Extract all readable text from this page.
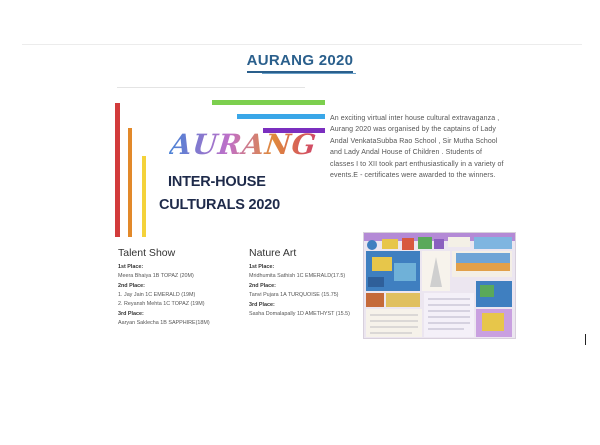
AURANG 2020
AURANG
INTER-HOUSE
CULTURALS 2020
An exciting virtual inter house cultural extravaganza , Aurang 2020 was organised by the captains of Lady Andal VenkataSubba Rao School , Sir Mutha School and Lady Andal House of Children . Students of classes I to XII took part enthusiastically in a variety of events.E - certificates were awarded to the winners.
Talent Show
1st Place:
Meera Bhaiya 1B TOPAZ (20M)
2nd Place:
1. Jay Jain 1C EMERALD (19M)
2. Reyansh Mehta 1C TOPAZ (19M)
3rd Place:
Aaryan Saklecha 1B SAPPHIRE(18M)
Nature Art
1st Place:
Mridhumita Sathish 1C EMERALD(17.5)
2nd Place:
Tanvi Pujara 1A TURQUOISE (15.75)
3rd Place:
Sasha Domalapally 1D AMETHYST (15.5)
